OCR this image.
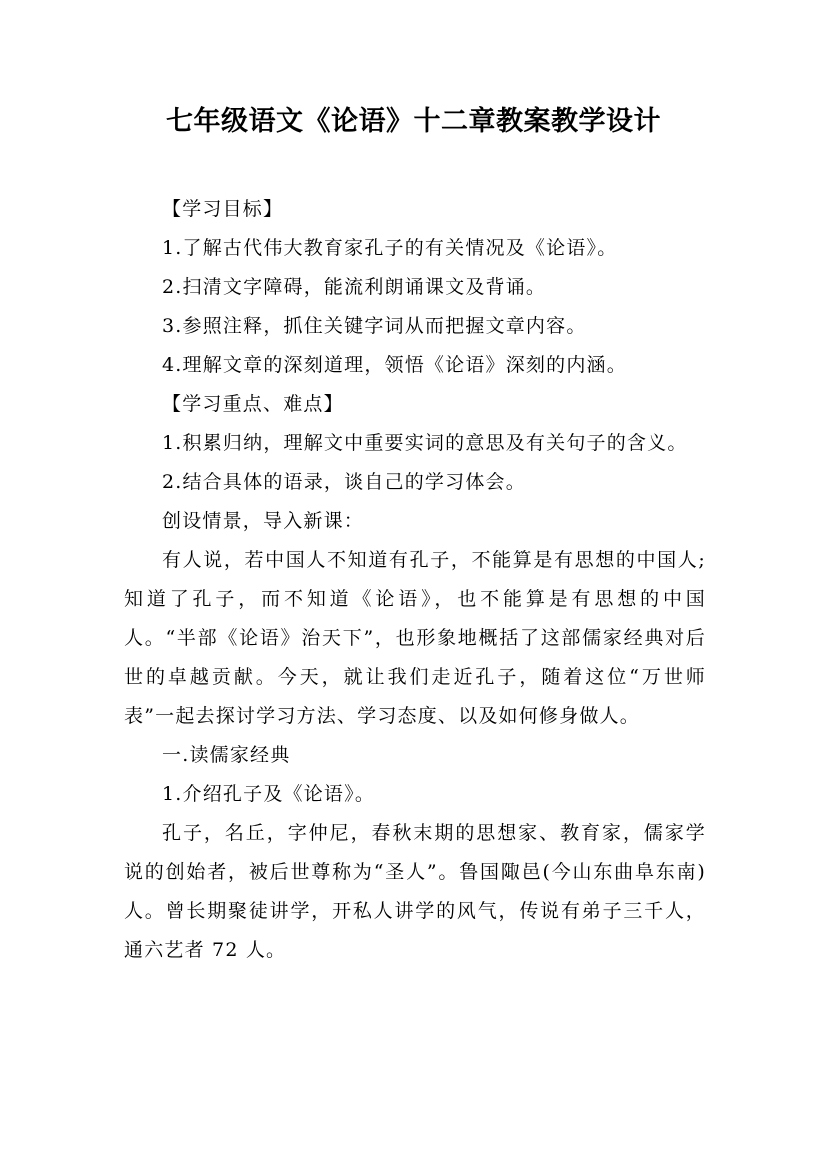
七年级语文《论语》十二章教案教学设计

【学习目标】

1.了解古代伟大教育家孔子的有关情况及《论语》。

2.扫清文字障碍，能流利朗诵课文及背诵。

3.参照注释，抓住关键字词从而把握文章内容。

4.理解文章的深刻道理，领悟《论语》深刻的内涵。

【学习重点、难点】

1.积累归纳，理解文中重要实词的意思及有关句子的含义。

2.结合具体的语录，谈自己的学习体会。

创设情景，导入新课：

有人说，若中国人不知道有孔子，不能算是有思想的中国人;知道了孔子，而不知道《论语》，也不能算是有思想的中国人。“半部《论语》治天下”，也形象地概括了这部儒家经典对后世的卓越贡献。今天，就让我们走近孔子，随着这位“万世师表”一起去探讨学习方法、学习态度、以及如何修身做人。

一.读儒家经典

1.介绍孔子及《论语》。

孔子，名丘，字仲尼，春秋末期的思想家、教育家，儒家学说的创始者，被后世尊称为“圣人”。鲁国陬邑(今山东曲阜东南)人。曾长期聚徒讲学，开私人讲学的风气，传说有弟子三千人，通六艺者 72 人。
